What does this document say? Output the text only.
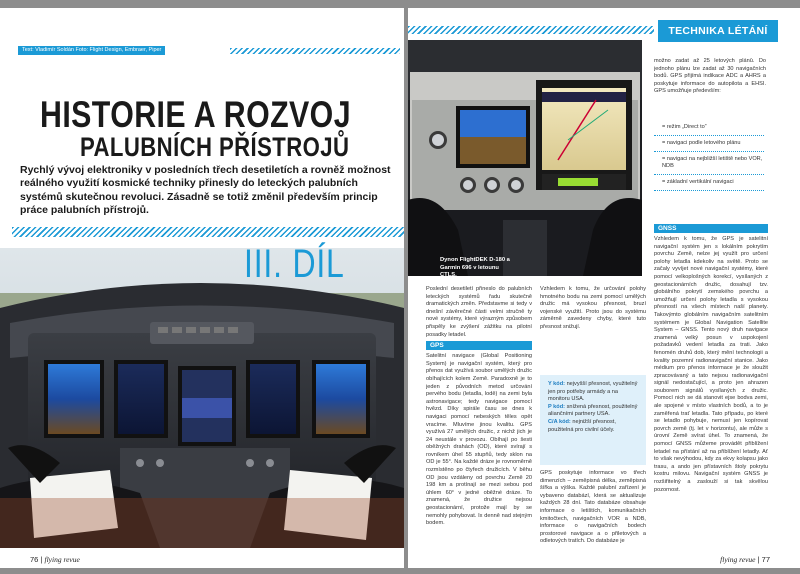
Text: Vladimír Soldán Foto: Flight Design, Embraer, Piper
HISTORIE A ROZVOJ
PALUBNÍCH PŘÍSTROJŮ
Rychlý vývoj elektroniky v posledních třech desetiletích a rovněž možnost reálného využití kosmické techniky přinesly do leteckých palubních systémů skutečnou revoluci. Zásadně se totiž změnil především princip práce palubních přístrojů.
III. DÍL
76 | flying revue
TECHNIKA LÉTÁNÍ
Dynon FlightDEK D-180 a Garmin 696 v letounu CTLS.

Poslední desetiletí přineslo do palubních leteckých systémů řadu skutečně dramatických změn. Představme si tedy v dnešní závěrečné části velmi stručně ty nové systémy, které výrazným způsobem přispěly ke zvýšení zážitku na pilotní posadky letadel.

GPS

Satelitní navigace (Global Positioning System) je navigační systém, který pro přenos dat využívá soubor umělých družic obíhajících kolem Země. Paradoxně je to jeden z původních metod určování pervého bodu (letadla, lodě) na zemi byla astronavigace; tedy navigace pomocí hvězd. Díky spirále času se dnes k navigaci pomocí nebeských těles opět vracíme. Mluvíme jinou kvalitu. GPS využívá 27 umělých družic, z nichž jich je 24 neustále v provozu. Obíhají po šesti oběžných drahách (OD), které svírají s rovníkem úhel 55 stupňů, tedy sklon na OD je 55°. Na každé dráze je rovnoměrně rozmístěno po čtyřech družicích. V běhu OD jsou vzdáleny od povrchu Země 20 198 km a protínají se mezi sebou pod úhlem 60° v jedné oběžné dráze. To znamená, že družice nejsou geostacionární, protože mají by se nemohly pohybovat. Ix denně nad stejným bodem.

Vzhledem k tomu, že určování polohy hmotného bodu na zemi pomocí umělých družic má vysokou přesnost, bruzí vojenské využití. Proto jsou do systému záměrně zavedeny chyby, které tuto přesnost snižují.

Y kód: nejvyšší přesnost, využitelný jen pro potřeby armády a na monitoru USA.

P kód: snížená přesnost, použitelný aliančními partnery USA.

C/A kód: nejnižší přesnost, použitelná pro civilní účely.

GPS poskytuje informace vo třech dimenzích – zeměpisná délka, zeměpisná šířka a výška. Každé palubní zařízení je vybaveno databází, která se aktualizuje každých 28 dní. Tato databáze obsahuje informace o letištích, komunikačních kmitočtech, navigačních VOR a NDB, informace o navigačních bodech prostorové navigace a o přiletových a odletových tratích. Do databáze je

možno zadat až 25 letových plánů. Do jednoho plánu lze zadat až 30 navigačních bodů. GPS přijímá indikace ADC a AHRS a poskytuje informace do autopilota a EHSI. GPS umožňuje především:

= režim „Direct to“
= navigaci podle letového plánu
= navigaci na nejbližší letiště nebo VOR, NDB
= základní vertikální navigaci
GNSS

Vzhledem k tomu, že GPS je satelitní navigační systém jen s lokálním pokrytím povrchu Země, nelze jej využít pro určení polohy letadla kdekoliv na světě. Proto se začaly vyvíjet nové navigační systémy, které pomocí velkoplošných korekcí, vysílaných z geostacionárních družic, dosahují tzv. globálního pokrytí zemského povrchu a umožňují určení polohy letadla s vysokou přesností na všech místech naší planety. Takovýmto globálním navigačním satelitním systémem je Global Navigation Satellite System – GNSS. Tento nový druh navigace znamená velký posun v uspokojení požadavků vedení letadla za trati. Jako fenomén druhů dob, který mění technologii a kvality pozemní radionavigační stanice. Jako médium pro přenos informace je že sloužit zpracovávaný a tato nejsou radionavigační signál nedostačující, a proto jen ahrazen souborem signálů vysílaných z družic. Pomocí nich se dá stanovit ejse bodva zemi, ale spojené v místo vlastních bodů, a to je zaměřená trať letadla. Tato případu, po které se letadlo pohybuje, nemusí jen kopírovat povrch země (tj. let v horizontu), ale může s úrovní Země svírat úhel. To znamená, že pomocí GNSS můžeme provádět přiblížení letadel na přístání až na přiblížení letadly. Ať to však nevýhodou, kdy za ekvy kolapsu jako trasu, a ando jen přístavních štoly pokrytu kostru milovu. Navigační systém GNSS je rozšiřitelný a zaslouží si tak skvělou pozornost.

flying revue | 77
